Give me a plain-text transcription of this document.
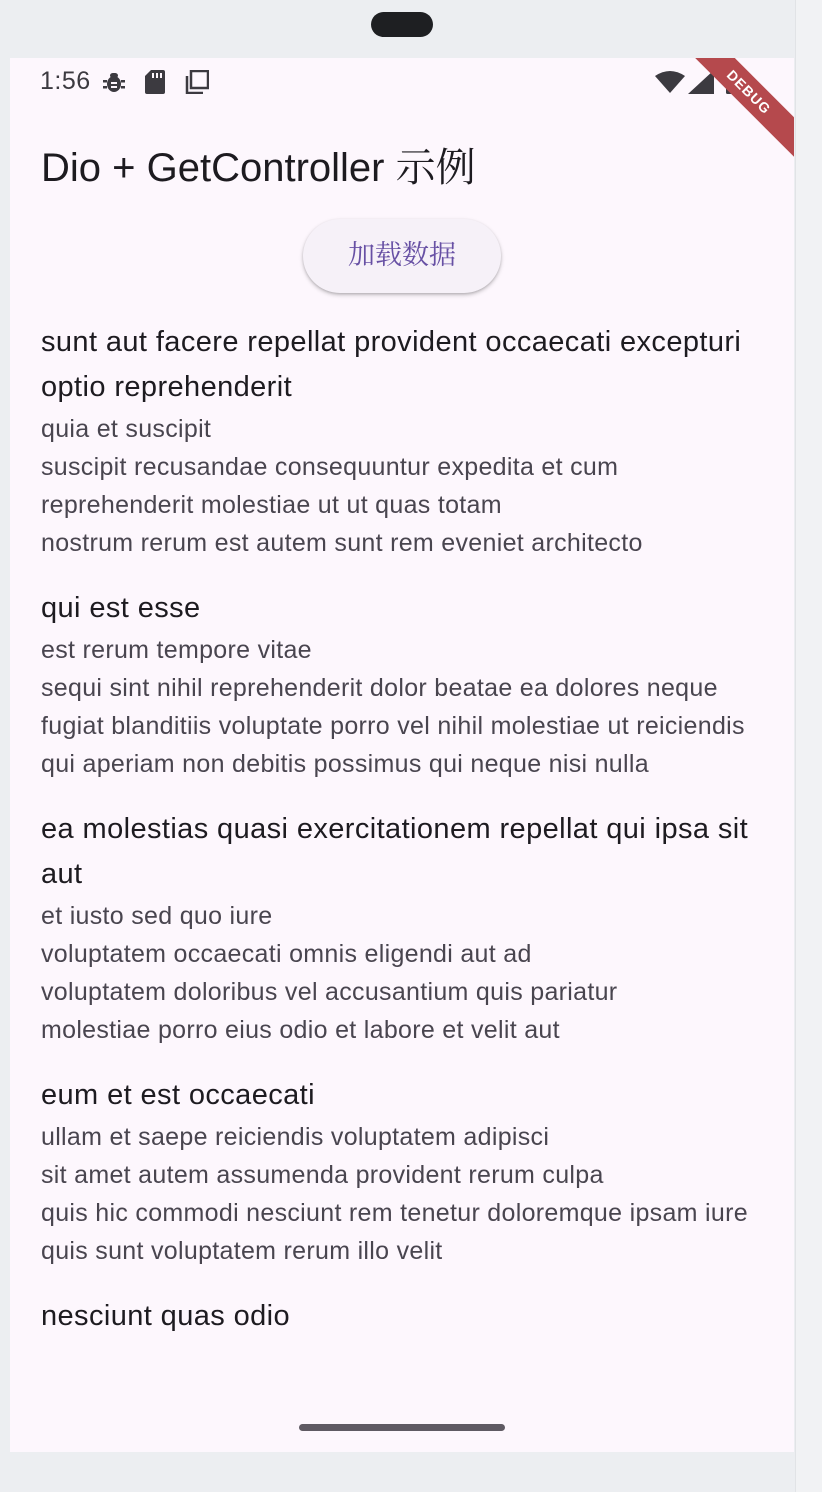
1:56	DEBUG
Dio + GetController 示例
加载数据
sunt aut facere repellat provident occaecati excepturi optio reprehenderit
quia et suscipit
suscipit recusandae consequuntur expedita et cum reprehenderit molestiae ut ut quas totam
nostrum rerum est autem sunt rem eveniet architecto
qui est esse
est rerum tempore vitae
sequi sint nihil reprehenderit dolor beatae ea dolores neque
fugiat blanditiis voluptate porro vel nihil molestiae ut reiciendis
qui aperiam non debitis possimus qui neque nisi nulla
ea molestias quasi exercitationem repellat qui ipsa sit aut
et iusto sed quo iure
voluptatem occaecati omnis eligendi aut ad
voluptatem doloribus vel accusantium quis pariatur
molestiae porro eius odio et labore et velit aut
eum et est occaecati
ullam et saepe reiciendis voluptatem adipisci
sit amet autem assumenda provident rerum culpa
quis hic commodi nesciunt rem tenetur doloremque ipsam iure
quis sunt voluptatem rerum illo velit
nesciunt quas odio
